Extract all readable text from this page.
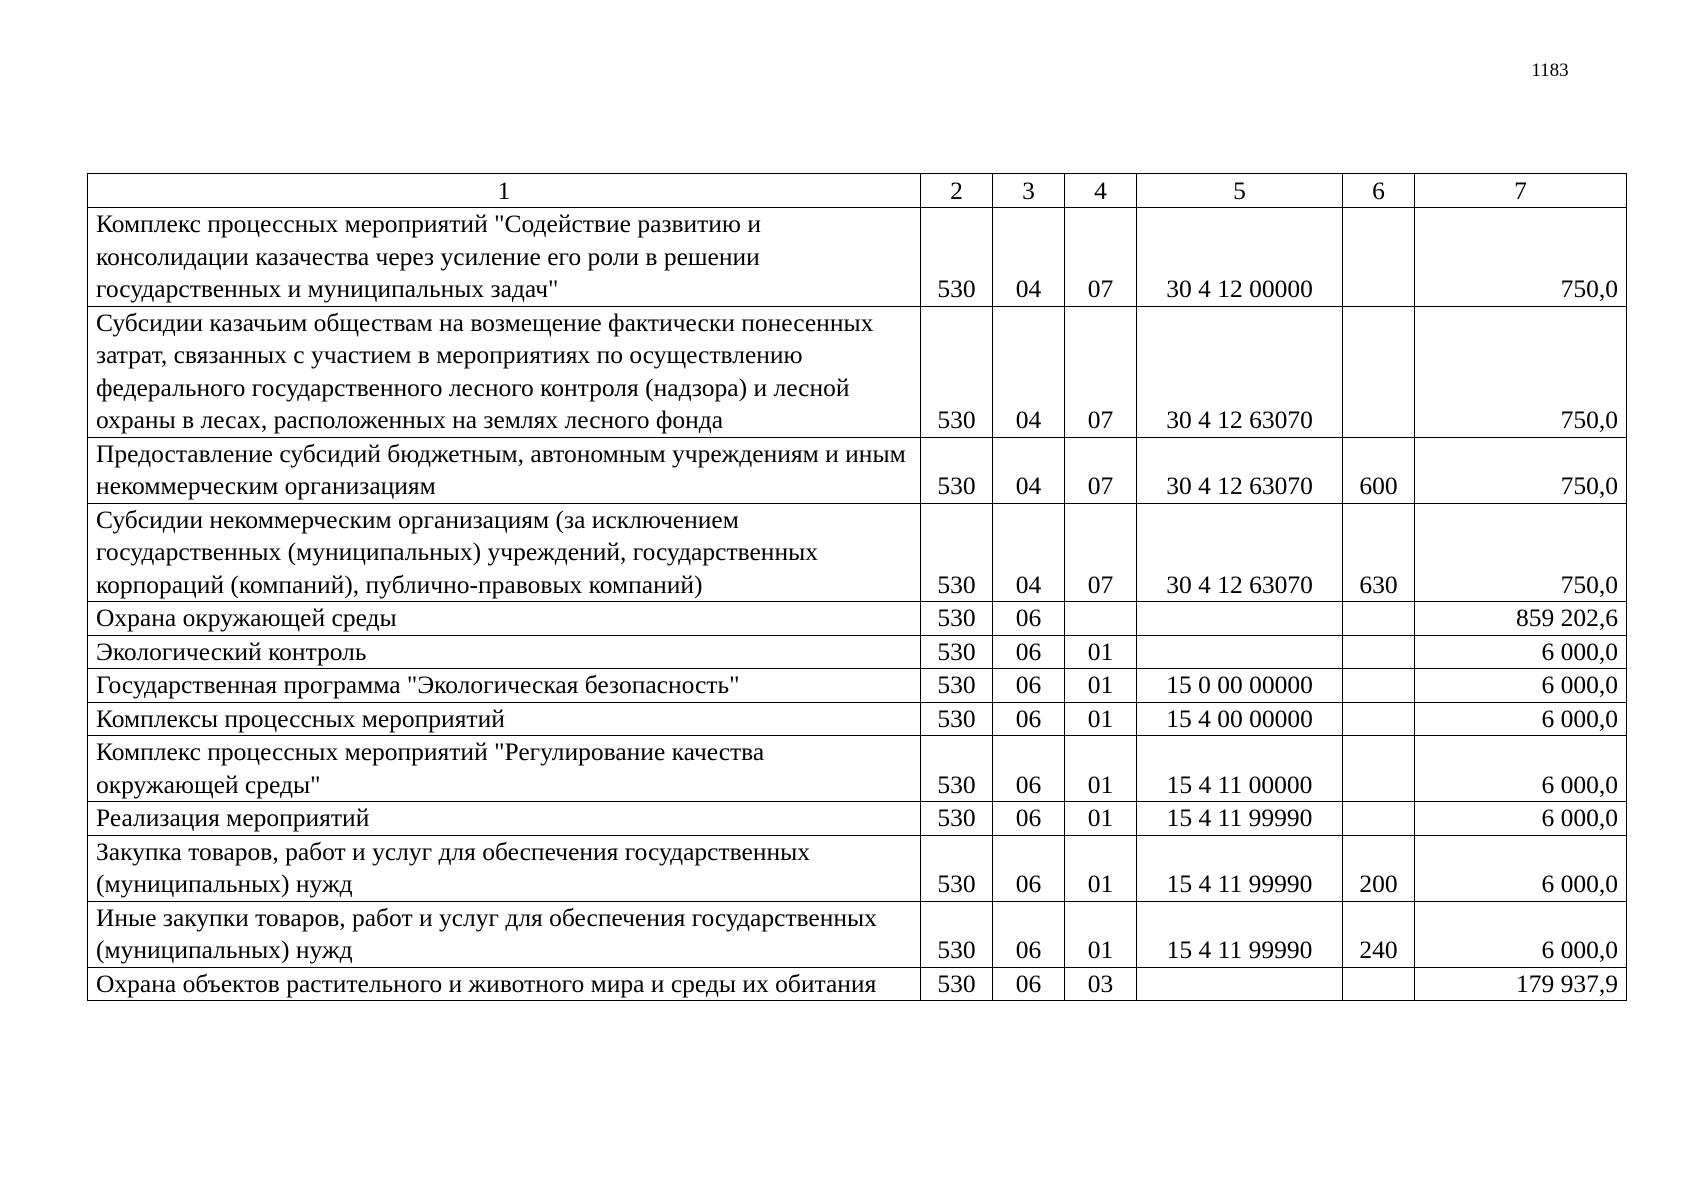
1183
1	2	3	4	5	6	7
Комплекс процессных мероприятий "Содействие развитию и консолидации казачества через усиление его роли в решении государственных и муниципальных задач"	530	04	07	30 4 12 00000		750,0
Субсидии казачьим обществам на возмещение фактически понесенных затрат, связанных с участием в мероприятиях по осуществлению федерального государственного лесного контроля (надзора) и лесной охраны в лесах, расположенных на землях лесного фонда	530	04	07	30 4 12 63070		750,0
Предоставление субсидий бюджетным, автономным учреждениям и иным некоммерческим организациям	530	04	07	30 4 12 63070	600	750,0
Субсидии некоммерческим организациям (за исключением государственных (муниципальных) учреждений, государственных корпораций (компаний), публично-правовых компаний)	530	04	07	30 4 12 63070	630	750,0
Охрана окружающей среды	530	06				859 202,6
Экологический контроль	530	06	01			6 000,0
Государственная программа "Экологическая безопасность"	530	06	01	15 0 00 00000		6 000,0
Комплексы процессных мероприятий	530	06	01	15 4 00 00000		6 000,0
Комплекс процессных мероприятий "Регулирование качества окружающей среды"	530	06	01	15 4 11 00000		6 000,0
Реализация мероприятий	530	06	01	15 4 11 99990		6 000,0
Закупка товаров, работ и услуг для обеспечения государственных (муниципальных) нужд	530	06	01	15 4 11 99990	200	6 000,0
Иные закупки товаров, работ и услуг для обеспечения государственных (муниципальных) нужд	530	06	01	15 4 11 99990	240	6 000,0
Охрана объектов растительного и животного мира и среды их обитания	530	06	03			179 937,9
